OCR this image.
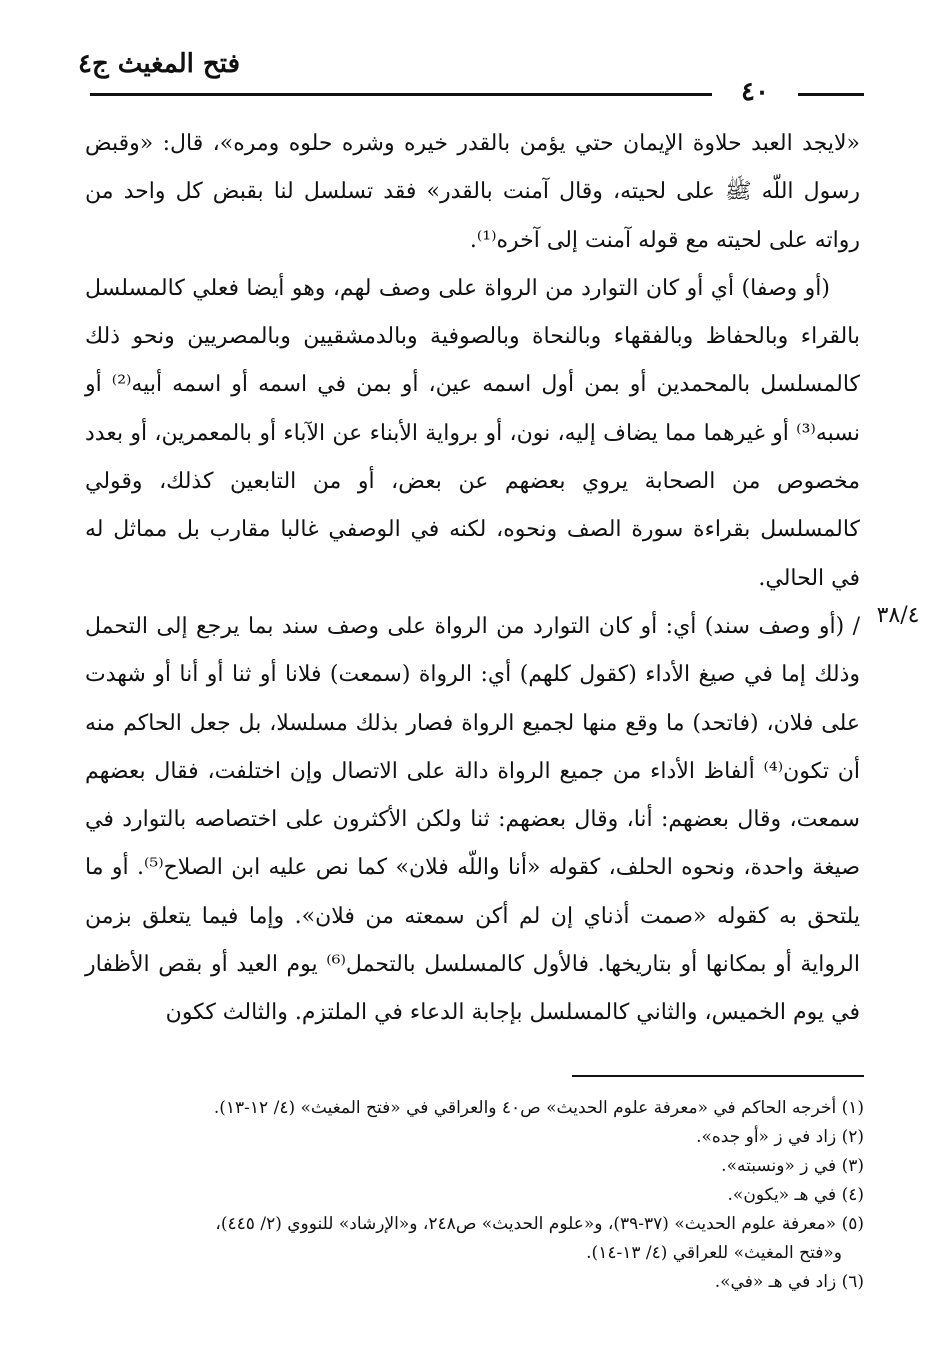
فتح المغيث ج٤
٤٠
٣٨/٤

«لايجد العبد حلاوة الإيمان حتي يؤمن بالقدر خيره وشره حلوه ومره»، قال: «وقبض رسول اللّه ﷺ على لحيته، وقال آمنت بالقدر» فقد تسلسل لنا بقبض كل واحد من رواته على لحيته مع قوله آمنت إلى آخره⁽¹⁾.

(أو وصفا) أي أو كان التوارد من الرواة على وصف لهم، وهو أيضا فعلي كالمسلسل بالقراء وبالحفاظ وبالفقهاء وبالنحاة وبالصوفية وبالدمشقيين وبالمصريين ونحو ذلك كالمسلسل بالمحمدين أو بمن أول اسمه عين، أو بمن في اسمه أو اسمه أبيه⁽²⁾ أو نسبه⁽³⁾ أو غيرهما مما يضاف إليه، نون، أو برواية الأبناء عن الآباء أو بالمعمرين، أو بعدد مخصوص من الصحابة يروي بعضهم عن بعض، أو من التابعين كذلك، وقولي كالمسلسل بقراءة سورة الصف ونحوه، لكنه في الوصفي غالبا مقارب بل مماثل له في الحالي.

/ (أو وصف سند) أي: أو كان التوارد من الرواة على وصف سند بما يرجع إلى التحمل وذلك إما في صيغ الأداء (كقول كلهم) أي: الرواة (سمعت) فلانا أو ثنا أو أنا أو شهدت على فلان، (فاتحد) ما وقع منها لجميع الرواة فصار بذلك مسلسلا، بل جعل الحاكم منه أن تكون⁽⁴⁾ ألفاظ الأداء من جميع الرواة دالة على الاتصال وإن اختلفت، فقال بعضهم سمعت، وقال بعضهم: أنا، وقال بعضهم: ثنا ولكن الأكثرون على اختصاصه بالتوارد في صيغة واحدة، ونحوه الحلف، كقوله «أنا واللّه فلان» كما نص عليه ابن الصلاح⁽⁵⁾. أو ما يلتحق به كقوله «صمت أذناي إن لم أكن سمعته من فلان». وإما فيما يتعلق بزمن الرواية أو بمكانها أو بتاريخها. فالأول كالمسلسل بالتحمل⁽⁶⁾ يوم العيد أو بقص الأظفار في يوم الخميس، والثاني كالمسلسل بإجابة الدعاء في الملتزم. والثالث ككون

(١) أخرجه الحاكم في «معرفة علوم الحديث» ص٤٠ والعراقي في «فتح المغيث» (٤/ ١٢-١٣).

(٢) زاد في ز «أو جده».

(٣) في ز «ونسبته».

(٤) في هـ «يكون».

(٥) «معرفة علوم الحديث» (٣٧-٣٩)، و«علوم الحديث» ص٢٤٨، و«الإرشاد» للنووي (٢/ ٤٤٥)،

و«فتح المغيث» للعراقي (٤/ ١٣-١٤).

(٦) زاد في هـ «في».
